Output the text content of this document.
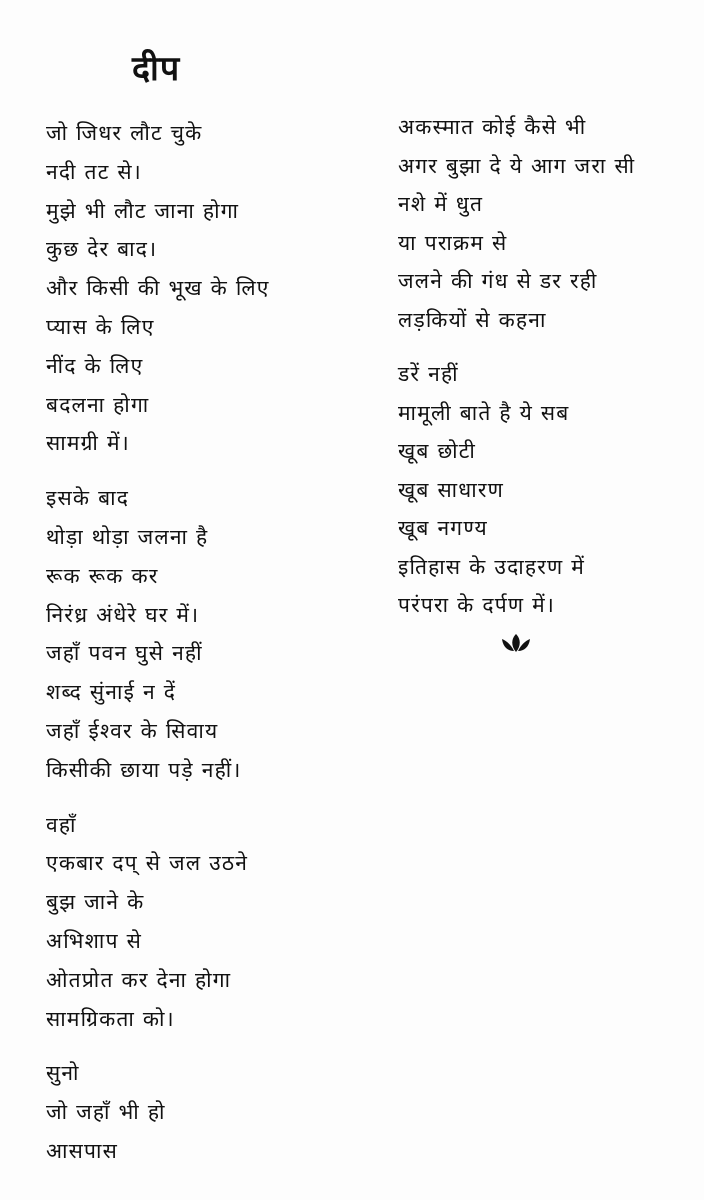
दीप
जो जिधर लौट चुके
नदी तट से।
मुझे भी लौट जाना होगा
कुछ देर बाद।
और किसी की भूख के लिए
प्यास के लिए
नींद के लिए
बदलना होगा
सामग्री में।
इसके बाद
थोड़ा थोड़ा जलना है
रूक रूक कर
निरंध्र अंधेरे घर में।
जहाँ पवन घुसे नहीं
शब्द सुंनाई न दें
जहाँ ईश्वर के सिवाय
किसीकी छाया पड़े नहीं।
वहाँ
एकबार दप् से जल उठने
बुझ जाने के
अभिशाप से
ओतप्रोत कर देना होगा
सामग्रिकता को।
सुनो
जो जहाँ भी हो
आसपास
अकस्मात कोई कैसे भी
अगर बुझा दे ये आग जरा सी
नशे में धुत
या पराक्रम से
जलने की गंध से डर रही
लड़कियों से कहना
डरें नहीं
मामूली बाते है ये सब
खूब छोटी
खूब साधारण
खूब नगण्य
इतिहास के उदाहरण में
परंपरा के दर्पण में।
